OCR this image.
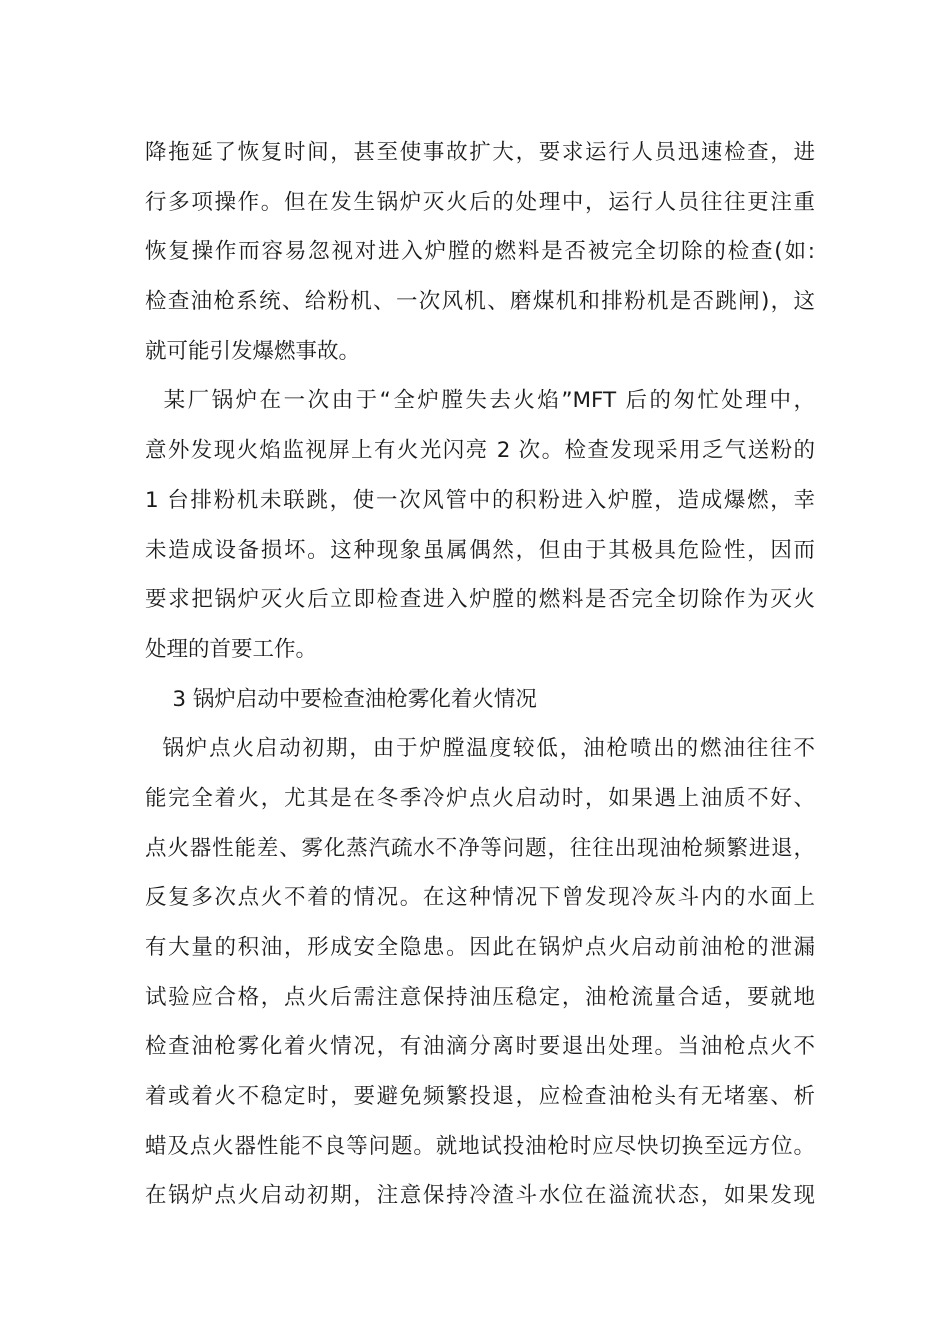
降拖延了恢复时间，甚至使事故扩大，要求运行人员迅速检查，进
行多项操作。但在发生锅炉灭火后的处理中，运行人员往往更注重
恢复操作而容易忽视对进入炉膛的燃料是否被完全切除的检查(如:
检查油枪系统、给粉机、一次风机、磨煤机和排粉机是否跳闸)，这
就可能引发爆燃事故。
某厂锅炉在一次由于“全炉膛失去火焰”MFT 后的匆忙处理中，
意外发现火焰监视屏上有火光闪亮 2 次。检查发现采用乏气送粉的
1 台排粉机未联跳，使一次风管中的积粉进入炉膛，造成爆燃，幸
未造成设备损坏。这种现象虽属偶然，但由于其极具危险性，因而
要求把锅炉灭火后立即检查进入炉膛的燃料是否完全切除作为灭火
处理的首要工作。
3 锅炉启动中要检查油枪雾化着火情况
锅炉点火启动初期，由于炉膛温度较低，油枪喷出的燃油往往不
能完全着火，尤其是在冬季冷炉点火启动时，如果遇上油质不好、
点火器性能差、雾化蒸汽疏水不净等问题，往往出现油枪频繁进退，
反复多次点火不着的情况。在这种情况下曾发现冷灰斗内的水面上
有大量的积油，形成安全隐患。因此在锅炉点火启动前油枪的泄漏
试验应合格，点火后需注意保持油压稳定，油枪流量合适，要就地
检查油枪雾化着火情况，有油滴分离时要退出处理。当油枪点火不
着或着火不稳定时，要避免频繁投退，应检查油枪头有无堵塞、析
蜡及点火器性能不良等问题。就地试投油枪时应尽快切换至远方位。
在锅炉点火启动初期，注意保持冷渣斗水位在溢流状态，如果发现
